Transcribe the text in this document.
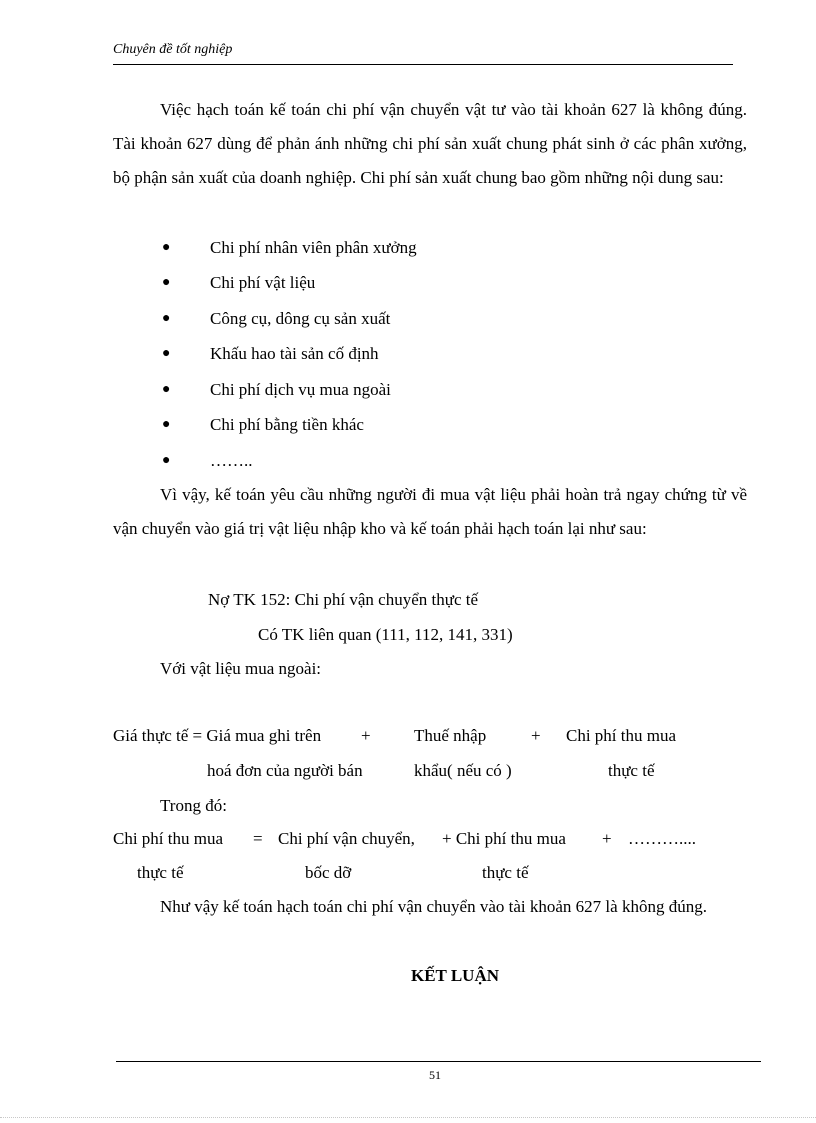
Chuyên đề tốt nghiệp

Việc hạch toán kế toán chi phí vận chuyển vật tư vào tài khoản 627 là không đúng. Tài khoản 627 dùng để phản ánh những chi phí sản xuất chung phát sinh ở các phân xưởng, bộ phận sản xuất của doanh nghiệp. Chi phí sản xuất chung bao gồm những nội dung sau:

● Chi phí nhân viên phân xưởng
● Chi phí vật liệu
● Công cụ, dông cụ sản xuất
● Khấu hao tài sản cố định
● Chi phí dịch vụ mua ngoài
● Chi phí bằng tiền khác
● ……..

Vì vậy, kế toán yêu cầu những người đi mua vật liệu phải hoàn trả ngay chứng từ về vận chuyển vào giá trị vật liệu nhập kho và kế toán phải hạch toán lại như sau:

Nợ TK 152: Chi phí vận chuyển thực tế
Có TK liên quan (111, 112, 141, 331)
Với vật liệu mua ngoài:
Giá thực tế = Giá mua ghi trên +	Thuế nhập	+ Chi phí thu mua
hoá đơn của người bán	khẩu( nếu có )	thực tế
Trong đó:
Chi phí thu mua = Chi phí vận chuyển, + Chi phí thu mua + ………....
thực tế	bốc dỡ	thực tế

Như vậy kế toán hạch toán chi phí vận chuyển vào tài khoản 627 là không đúng.

KẾT LUẬN
51
